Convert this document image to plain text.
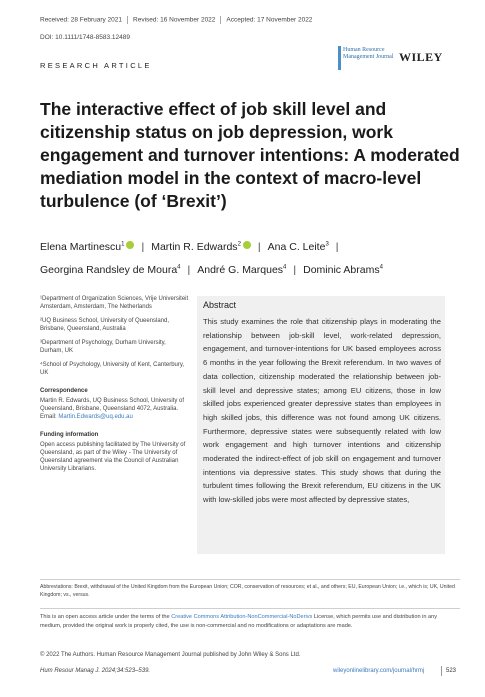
Received: 28 February 2021 Revised: 16 November 2022 Accepted: 17 November 2022
DOI: 10.1111/1748-8583.12489
RESEARCH ARTICLE
Human Resource
Management Journal WILEY
The interactive effect of job skill level and citizenship status on job depression, work engagement and turnover intentions: A moderated mediation model in the context of macro-level turbulence (of ‘Brexit’)
Elena Martinescu$^1$ | Martin R. Edwards$^2$ | Ana C. Leite$^3$ |
Georgina Randsley de Moura$^4$ | André G. Marques$^4$ | Dominic Abrams$^4$

¹Department of Organization Sciences, Vrije Universiteit Amsterdam, Amsterdam, The Netherlands

²UQ Business School, University of Queensland, Brisbane, Queensland, Australia

³Department of Psychology, Durham University, Durham, UK

⁴School of Psychology, University of Kent, Canterbury, UK

Correspondence
Martin R. Edwards, UQ Business School, University of Queensland, Brisbane, Queensland 4072, Australia.
Email: Martin.Edwards@uq.edu.au

Funding information
Open access publishing facilitated by The University of Queensland, as part of the Wiley - The University of Queensland agreement via the Council of Australian University Librarians.

Abstract
This study examines the role that citizenship plays in moderating the relationship between job-skill level, work-related depression, engagement, and turnover-intentions for UK based employees across 6 months in the year following the Brexit referendum. In two waves of data collection, citizenship moderated the relationship between job-skill level and depressive states; among EU citizens, those in low skilled jobs experienced greater depressive states than employees in high skilled jobs, this difference was not found among UK citizens. Furthermore, depressive states were subsequently related with low work engagement and high turnover intentions and citizenship moderated the indirect-effect of job skill on engagement and turnover intentions via depressive states. This study shows that during the turbulent times following the Brexit referendum, EU citizens in the UK with low-skilled jobs were most affected by depressive states,
Abbreviations: Brexit, withdrawal of the United Kingdom from the European Union; COR, conservation of resources; et al., and others; EU, European Union; i.e., which is; UK, United Kingdom; vs., versus.
This is an open access article under the terms of the Creative Commons Attribution-NonCommercial-NoDerivs License, which permits use and distribution in any medium, provided the original work is properly cited, the use is non-commercial and no modifications or adaptations are made.
© 2022 The Authors. Human Resource Management Journal published by John Wiley & Sons Ltd.
Hum Resour Manag J. 2024;34:523–539.	wileyonlinelibrary.com/journal/hrmj	523
